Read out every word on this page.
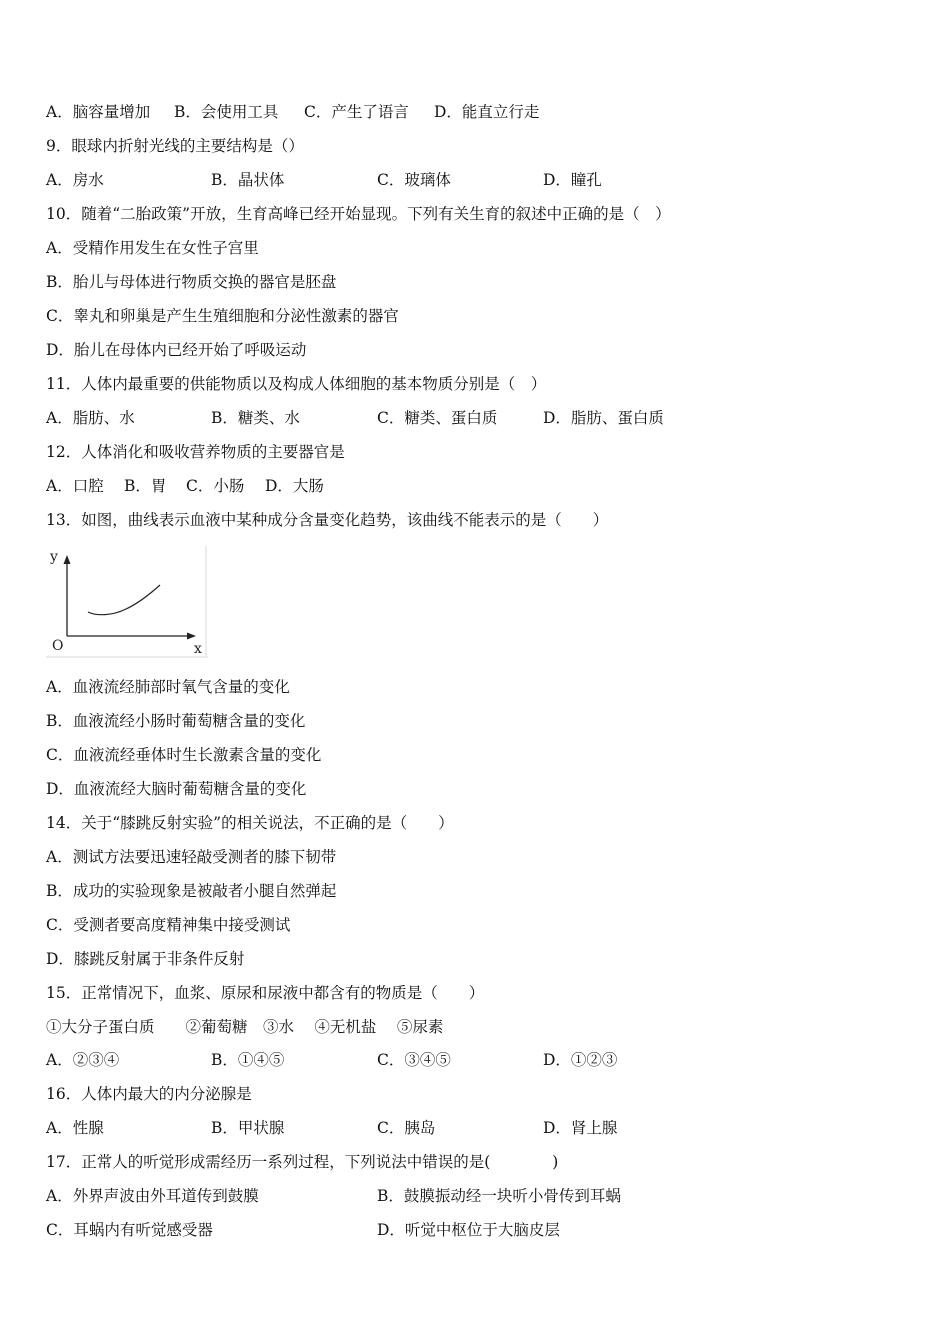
A．脑容量增加 B．会使用工具 C．产生了语言 D．能直立行走
9．眼球内折射光线的主要结构是（）
A．房水	B．晶状体	C．玻璃体	D．瞳孔
10．随着“二胎政策”开放，生育高峰已经开始显现。下列有关生育的叙述中正确的是（　）
A．受精作用发生在女性子宫里
B．胎儿与母体进行物质交换的器官是胚盘
C．睾丸和卵巢是产生生殖细胞和分泌性激素的器官
D．胎儿在母体内已经开始了呼吸运动
11．人体内最重要的供能物质以及构成人体细胞的基本物质分别是（　）
A．脂肪、水	B．糖类、水	C．糖类、蛋白质	D．脂肪、蛋白质
12．人体消化和吸收营养物质的主要器官是
A．口腔 B．胃 C．小肠 D．大肠
13．如图，曲线表示血液中某种成分含量变化趋势，该曲线不能表示的是（　　）
y
x
O
A．血液流经肺部时氧气含量的变化
B．血液流经小肠时葡萄糖含量的变化
C．血液流经垂体时生长激素含量的变化
D．血液流经大脑时葡萄糖含量的变化
14．关于“膝跳反射实验”的相关说法，不正确的是（　　）
A．测试方法要迅速轻敲受测者的膝下韧带
B．成功的实验现象是被敲者小腿自然弹起
C．受测者要高度精神集中接受测试
D．膝跳反射属于非条件反射
15．正常情况下，血浆、原尿和尿液中都含有的物质是（　　）
①大分子蛋白质　　②葡萄糖　③水　 ④无机盐　 ⑤尿素
A．②③④	B．①④⑤	C．③④⑤	D．①②③
16．人体内最大的内分泌腺是
A．性腺	B．甲状腺	C．胰岛	D．肾上腺
17．正常人的听觉形成需经历一系列过程，下列说法中错误的是(　　　　)
A．外界声波由外耳道传到鼓膜	B．鼓膜振动经一块听小骨传到耳蜗
C．耳蜗内有听觉感受器	D．听觉中枢位于大脑皮层
